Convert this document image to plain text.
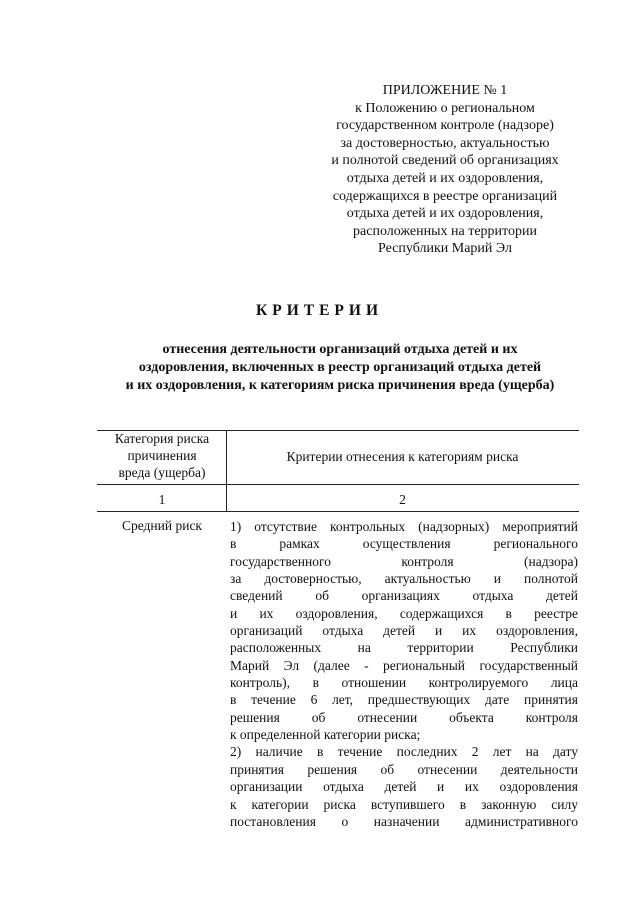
ПРИЛОЖЕНИЕ № 1
к Положению о региональном
государственном контроле (надзоре)
за достоверностью, актуальностью
и полнотой сведений об организациях
отдыха детей и их оздоровления,
содержащихся в реестре организаций
отдыха детей и их оздоровления,
расположенных на территории
Республики Марий Эл
КРИТЕРИИ
отнесения деятельности организаций отдыха детей и их
оздоровления, включенных в реестр организаций отдыха детей
и их оздоровления, к категориям риска причинения вреда (ущерба)
Категория риска
причинения
вреда (ущерба)
Критерии отнесения к категориям риска
1	2
Средний риск	1) отсутствие контрольных (надзорных) мероприятий
в рамках осуществления регионального
государственного контроля (надзора)
за достоверностью, актуальностью и полнотой
сведений об организациях отдыха детей
и их оздоровления, содержащихся в реестре
организаций отдыха детей и их оздоровления,
расположенных на территории Республики
Марий Эл (далее - региональный государственный
контроль), в отношении контролируемого лица
в течение 6 лет, предшествующих дате принятия
решения об отнесении объекта контроля
к определенной категории риска;
2) наличие в течение последних 2 лет на дату
принятия решения об отнесении деятельности
организации отдыха детей и их оздоровления
к категории риска вступившего в законную силу
постановления о назначении административного
